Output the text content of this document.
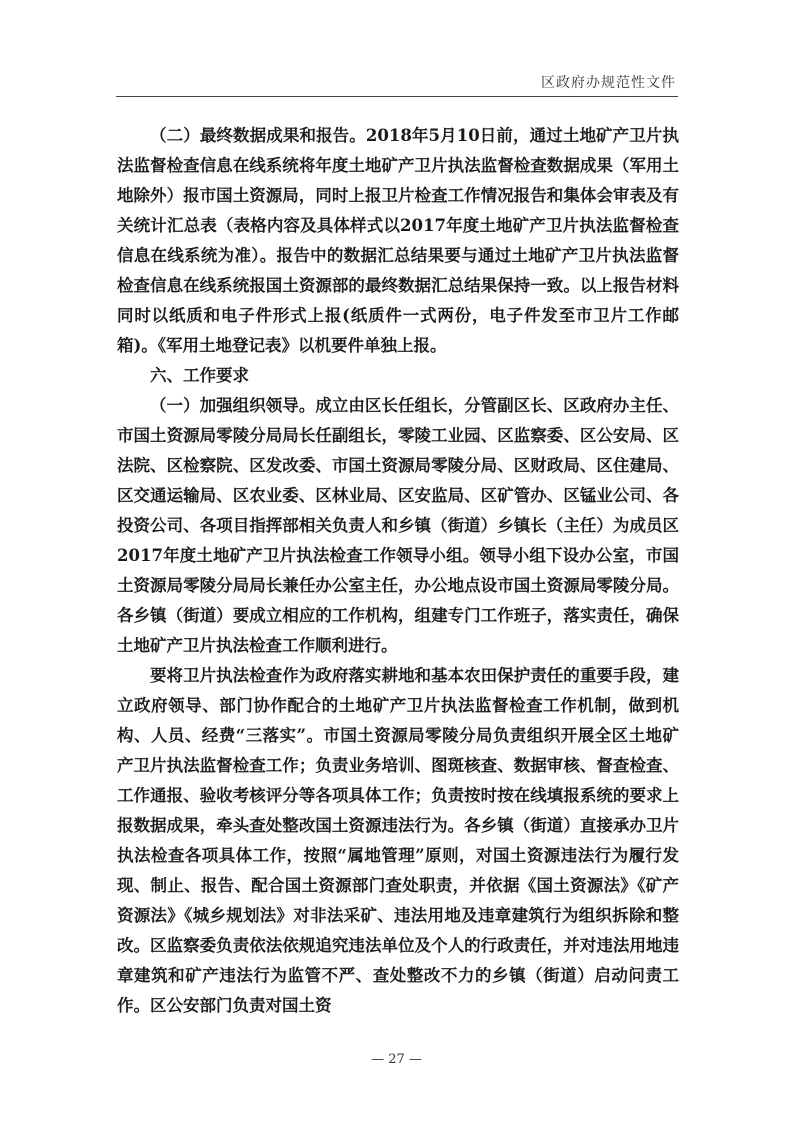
区政府办规范性文件

（二）最终数据成果和报告。2018年5月10日前，通过土地矿产卫片执法监督检查信息在线系统将年度土地矿产卫片执法监督检查数据成果（军用土地除外）报市国土资源局，同时上报卫片检查工作情况报告和集体会审表及有关统计汇总表（表格内容及具体样式以2017年度土地矿产卫片执法监督检查信息在线系统为准）。报告中的数据汇总结果要与通过土地矿产卫片执法监督检查信息在线系统报国土资源部的最终数据汇总结果保持一致。以上报告材料同时以纸质和电子件形式上报(纸质件一式两份，电子件发至市卫片工作邮箱)。《军用土地登记表》以机要件单独上报。

六、工作要求

（一）加强组织领导。成立由区长任组长，分管副区长、区政府办主任、市国土资源局零陵分局局长任副组长，零陵工业园、区监察委、区公安局、区法院、区检察院、区发改委、市国土资源局零陵分局、区财政局、区住建局、区交通运输局、区农业委、区林业局、区安监局、区矿管办、区锰业公司、各投资公司、各项目指挥部相关负责人和乡镇（街道）乡镇长（主任）为成员区2017年度土地矿产卫片执法检查工作领导小组。领导小组下设办公室，市国土资源局零陵分局局长兼任办公室主任，办公地点设市国土资源局零陵分局。各乡镇（街道）要成立相应的工作机构，组建专门工作班子，落实责任，确保土地矿产卫片执法检查工作顺利进行。

要将卫片执法检查作为政府落实耕地和基本农田保护责任的重要手段，建立政府领导、部门协作配合的土地矿产卫片执法监督检查工作机制，做到机构、人员、经费“三落实”。市国土资源局零陵分局负责组织开展全区土地矿产卫片执法监督检查工作；负责业务培训、图斑核查、数据审核、督查检查、工作通报、验收考核评分等各项具体工作；负责按时按在线填报系统的要求上报数据成果，牵头查处整改国土资源违法行为。各乡镇（街道）直接承办卫片执法检查各项具体工作，按照“属地管理”原则，对国土资源违法行为履行发现、制止、报告、配合国土资源部门查处职责，并依据《国土资源法》《矿产资源法》《城乡规划法》对非法采矿、违法用地及违章建筑行为组织拆除和整改。区监察委负责依法依规追究违法单位及个人的行政责任，并对违法用地违章建筑和矿产违法行为监管不严、查处整改不力的乡镇（街道）启动问责工作。区公安部门负责对国土资

— 27 —
